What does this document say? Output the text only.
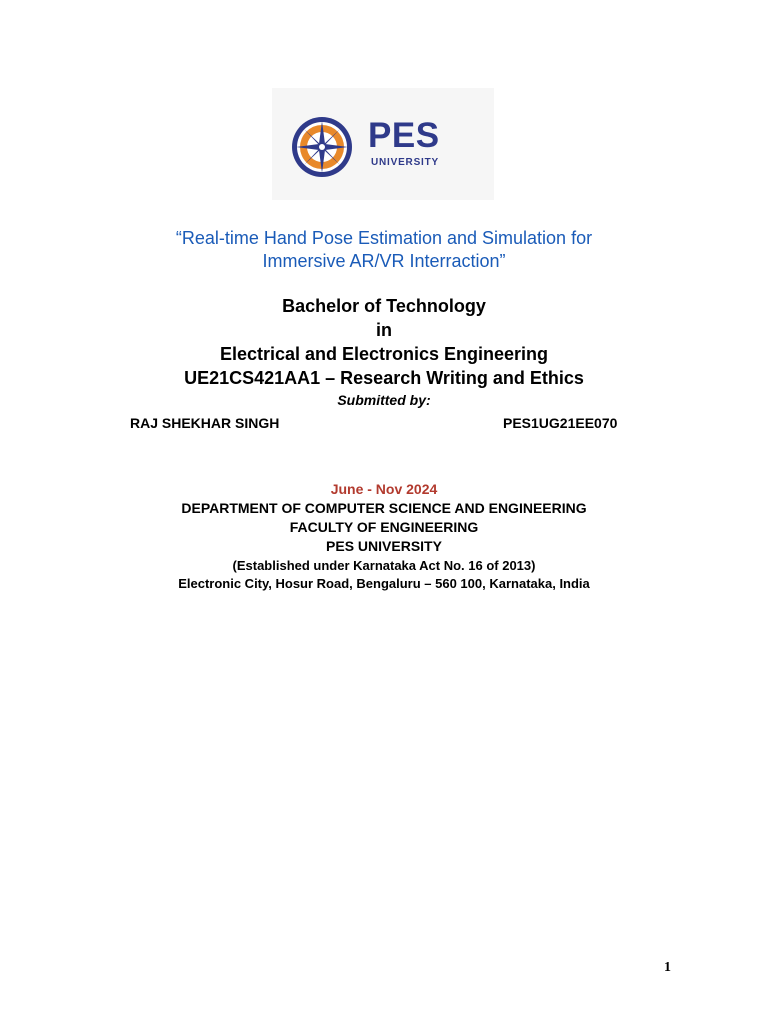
PES
UNIVERSITY
“Real-time Hand Pose Estimation and Simulation for
Immersive AR/VR Interraction”
Bachelor of Technology
in
Electrical and Electronics Engineering
UE21CS421AA1 – Research Writing and Ethics
Submitted by:
RAJ SHEKHAR SINGH	PES1UG21EE070
June - Nov 2024
DEPARTMENT OF COMPUTER SCIENCE AND ENGINEERING
FACULTY OF ENGINEERING
PES UNIVERSITY
(Established under Karnataka Act No. 16 of 2013)
Electronic City, Hosur Road, Bengaluru – 560 100, Karnataka, India
1
